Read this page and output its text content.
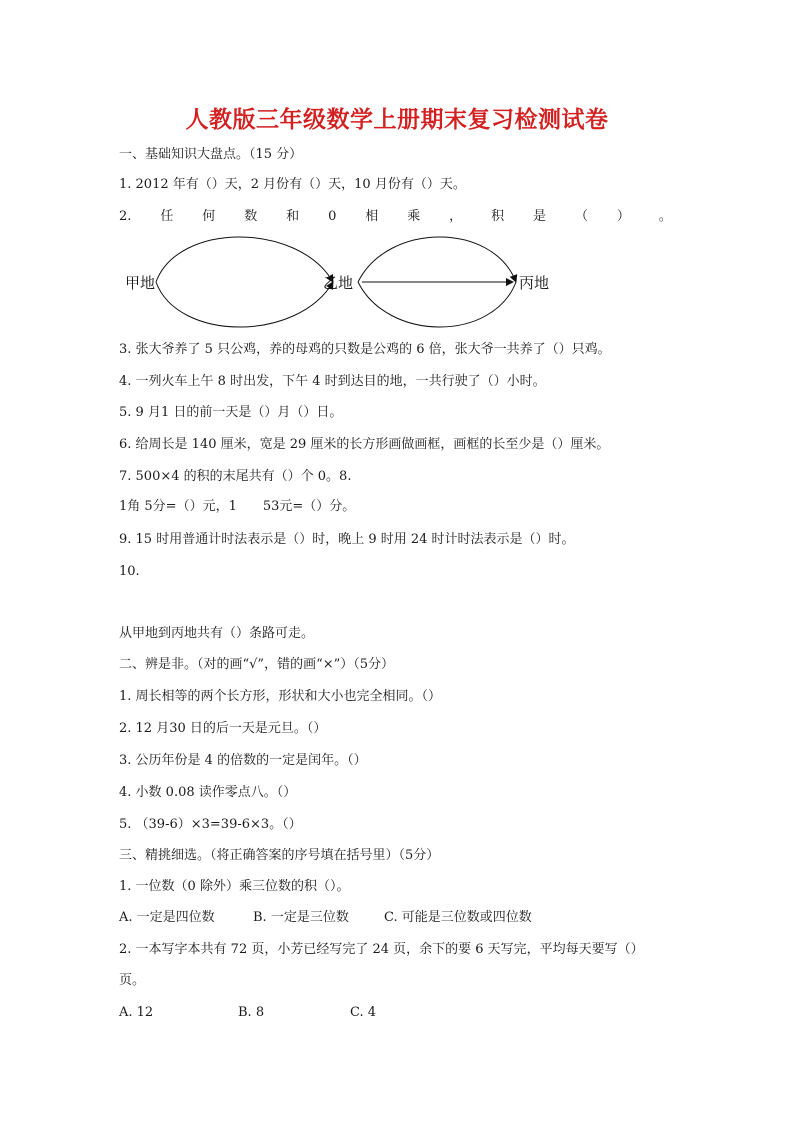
人教版三年级数学上册期末复习检测试卷
一、基础知识大盘点。（15 分）
1. 2012 年有（）天，2 月份有（）天，10 月份有（）天。
2. 任 何 数 和 0 相 乘 ， 积 是 （ ） 。
甲地	乙地	丙地
3. 张大爷养了 5 只公鸡，养的母鸡的只数是公鸡的 6 倍，张大爷一共养了（）只鸡。
4. 一列火车上午 8 时出发，下午 4 时到达目的地，一共行驶了（）小时。
5. 9 月1 日的前一天是（）月（）日。
6. 给周长是 140 厘米，宽是 29 厘米的长方形画做画框，画框的长至少是（）厘米。
7. 500×4 的积的末尾共有（）个 0。8.
1角 5分=（）元，1　　53元=（）分。
9. 15 时用普通计时法表示是（）时，晚上 9 时用 24 时计时法表示是（）时。
10.
从甲地到丙地共有（）条路可走。
二、辨是非。（对的画“√”，错的画“×”）（5分）
1. 周长相等的两个长方形，形状和大小也完全相同。（）
2. 12 月30 日的后一天是元旦。（）
3. 公历年份是 4 的倍数的一定是闰年。（）
4. 小数 0.08 读作零点八。（）
5. （39-6）×3=39-6×3。（）
三、精挑细选。（将正确答案的序号填在括号里）（5分）
1. 一位数（0 除外）乘三位数的积（）。
A. 一定是四位数	B. 一定是三位数	C. 可能是三位数或四位数
2. 一本写字本共有 72 页，小芳已经写完了 24 页，余下的要 6 天写完，平均每天要写（）
页。
A. 12	B. 8	C. 4
